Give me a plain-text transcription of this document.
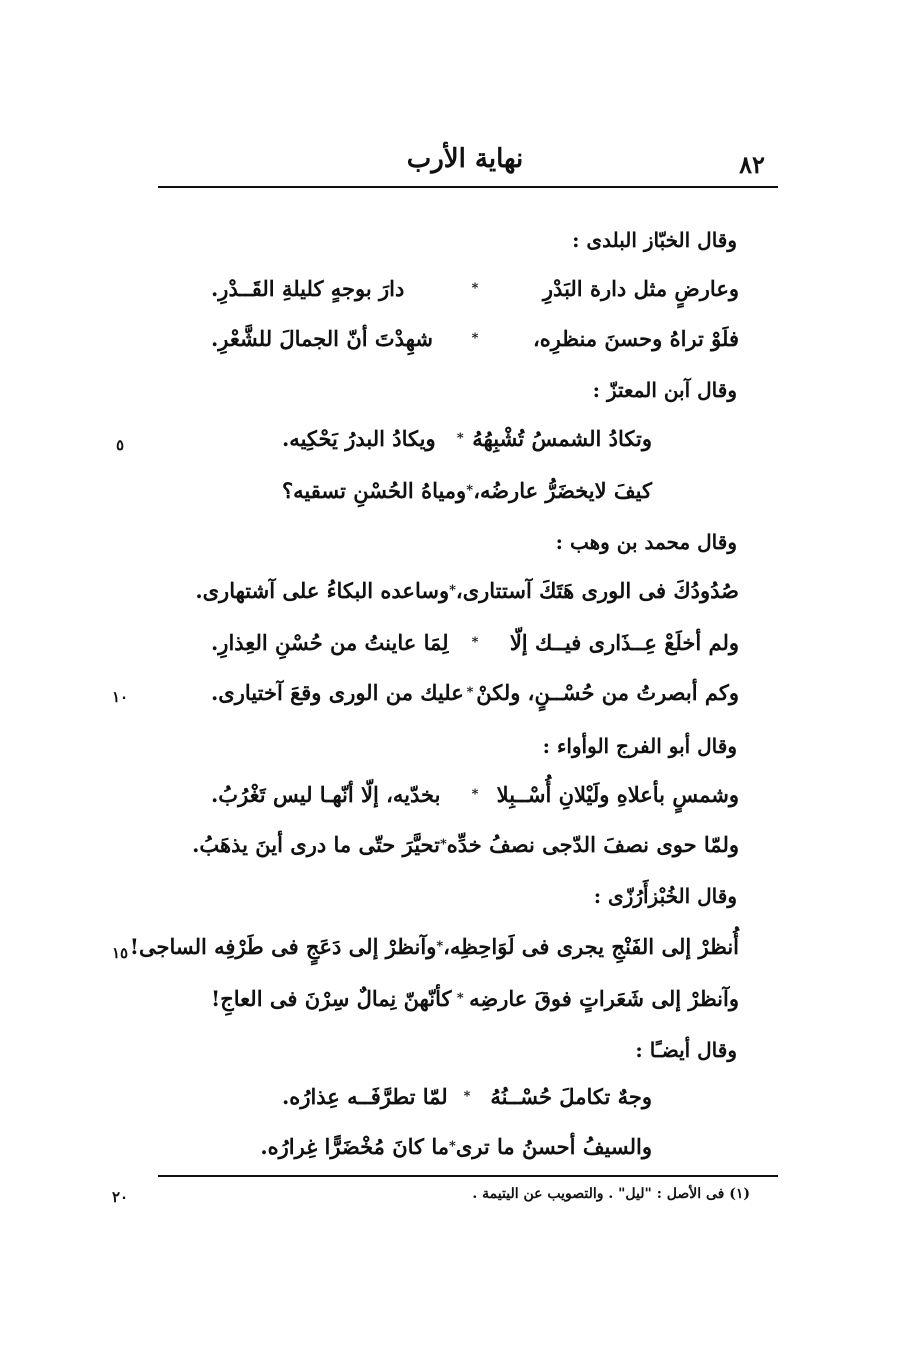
٨٢
نهاية الأرب
وقال الخبّاز البلدى :
وعارضٍ مثل دارة البَدْرِ
*
دارَ بوجهٍ كليلةِ القَــدْرِ.
فلَوْ تراهُ وحسنَ منظرِه،
*
شهِدْتَ أنّ الجمالَ للشَّعْرِ.
وقال آبن المعتزّ :
وتكادُ الشمسُ تُشْبِهُهُ
*
ويكادُ البدرُ يَحْكِيه.
كيفَ لايخضَرُّ عارضُه،
*
ومياهُ الحُسْنِ تسقيه؟
وقال محمد بن وهب :
صُدُودُكَ فى الورى هَتَكَ آستتارى،
*
وساعده البكاءُ على آشتهارى.
ولم أخلَعْ عِــذَارى فيــك إلّا
*
لِمَا عاينتُ من حُسْنِ العِذارِ.
وكم أبصرتُ من حُسْــنٍ، ولكنْ
*
عليك من الورى وقعَ آختيارى.
وقال أبو الفرج الوأواء :
وشمسٍ بأعلاهِ ولَيْلانِ أُسْــبِلا
*
بخدّيه، إلّا أنّهـا ليس تَغْرُبُ.
ولمّا حوى نصفَ الدّجى نصفُ خدِّه
*
تحيَّرَ حتّى ما درى أينَ يذهَبُ.
وقال الخُبْزأَرُزّى :
أُنظرْ إلى الفَنْجِ يجرى فى لَوَاحِظِه،
*
وآنظرْ إلى دَعَجٍ فى طَرْفِه الساجى!
وآنظرْ إلى شَعَراتٍ فوقَ عارضِه
*
كأنّهنّ نِمالٌ سِرْنَ فى العاجِ!
وقال أيضـًا :
وجهٌ تكاملَ حُسْــنُهُ
*
لمّا تطرَّفَــه عِذارُه.
والسيفُ أحسنُ ما ترى
*
ما كانَ مُخْضَرًّا غِرارُه.
٥
١٠
١٥
٢٠	(١) فى الأصل : "ليل" . والتصويب عن اليتيمة .
